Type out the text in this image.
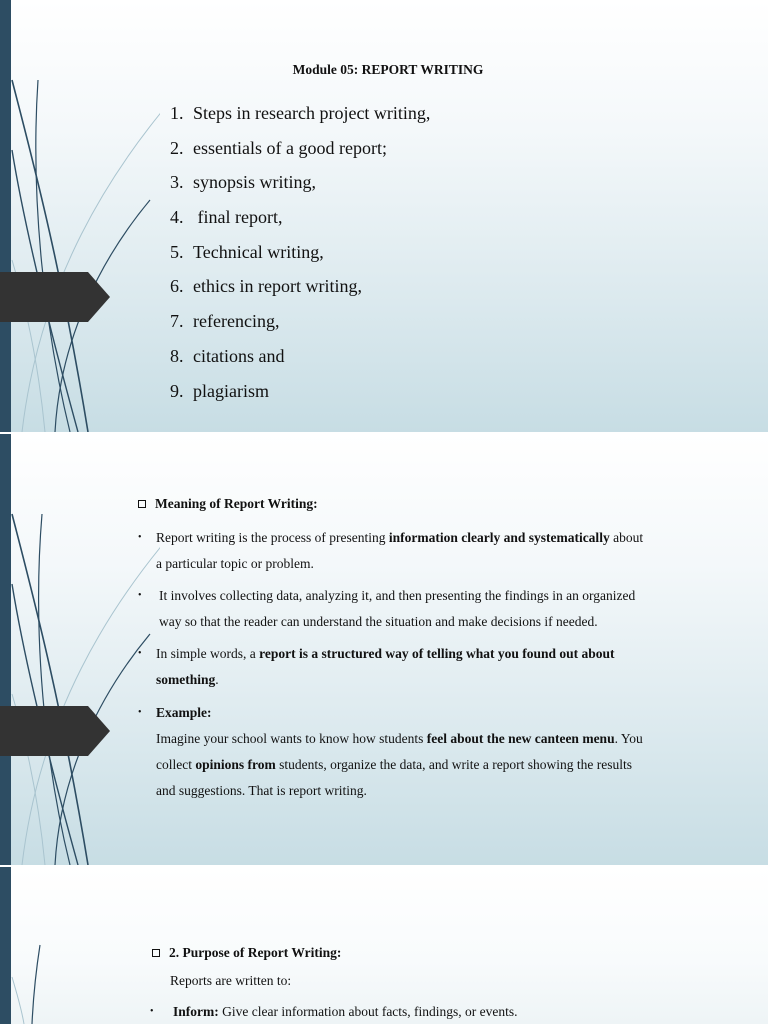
Module 05: REPORT WRITING
1. Steps in research project writing,
2. essentials of a good report;
3. synopsis writing,
4. final report,
5. Technical writing,
6. ethics in report writing,
7. referencing,
8. citations and
9. plagiarism
Meaning of Report Writing:
• Report writing is the process of presenting information clearly and systematically about
a particular topic or problem.
• It involves collecting data, analyzing it, and then presenting the findings in an organized
way so that the reader can understand the situation and make decisions if needed.
• In simple words, a report is a structured way of telling what you found out about
something.
• Example:
Imagine your school wants to know how students feel about the new canteen menu. You
collect opinions from students, organize the data, and write a report showing the results
and suggestions. That is report writing.
2. Purpose of Report Writing:
Reports are written to:
• Inform: Give clear information about facts, findings, or events.
